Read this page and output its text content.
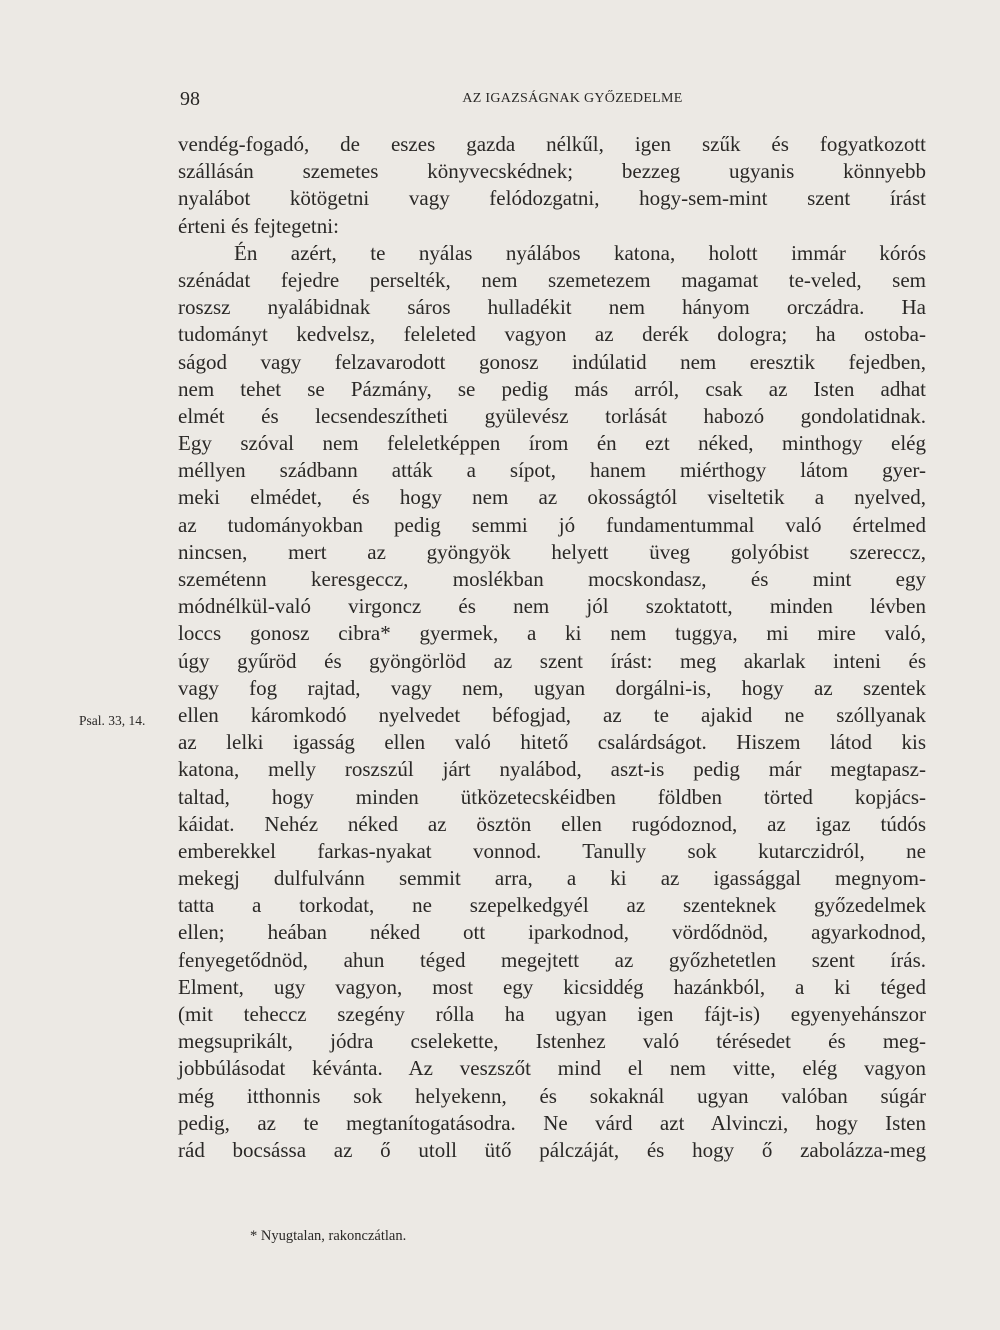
98	AZ IGAZSÁGNAK GYŐZEDELME
Psal. 33, 14.
vendég-fogadó, de eszes gazda nélkűl, igen szűk és fogyatkozott
szállásán szemetes könyvecskédnek; bezzeg ugyanis könnyebb
nyalábot kötögetni vagy felódozgatni, hogy-sem-mint szent írást
érteni és fejtegetni:
Én azért, te nyálas nyálábos katona, holott immár kórós
szénádat fejedre perselték, nem szemetezem magamat te-veled, sem
roszsz nyalábidnak sáros hulladékit nem hányom orczádra. Ha
tudományt kedvelsz, feleleted vagyon az derék dologra; ha ostoba-
ságod vagy felzavarodott gonosz indúlatid nem eresztik fejedben,
nem tehet se Pázmány, se pedig más arról, csak az Isten adhat
elmét és lecsendeszítheti gyülevész torlását habozó gondolatidnak.
Egy szóval nem feleletképpen írom én ezt néked, minthogy elég
méllyen szádbann atták a sípot, hanem miérthogy látom gyer-
meki elmédet, és hogy nem az okosságtól viseltetik a nyelved,
az tudományokban pedig semmi jó fundamentummal való értelmed
nincsen, mert az gyöngyök helyett üveg golyóbist szereccz,
szemétenn keresgeccz, moslékban mocskondasz, és mint egy
módnélkül-való virgoncz és nem jól szoktatott, minden lévben
loccs gonosz cibra* gyermek, a ki nem tuggya, mi mire való,
úgy gyűröd és gyöngörlöd az szent írást: meg akarlak inteni és
vagy fog rajtad, vagy nem, ugyan dorgálni-is, hogy az szentek
ellen káromkodó nyelvedet béfogjad, az te ajakid ne szóllyanak
az lelki igasság ellen való hitető csalárdságot. Hiszem látod kis
katona, melly roszszúl járt nyalábod, aszt-is pedig már megtapasz-
taltad, hogy minden ütközetecskéidben földben törted kopjács-
káidat. Nehéz néked az ösztön ellen rugódoznod, az igaz túdós
emberekkel farkas-nyakat vonnod. Tanully sok kutarczidról, ne
mekegj dulfulvánn semmit arra, a ki az igassággal megnyom-
tatta a torkodat, ne szepelkedgyél az szenteknek győzedelmek
ellen; heában néked ott iparkodnod, vördődnöd, agyarkodnod,
fenyegetődnöd, ahun téged megejtett az győzhetetlen szent írás.
Elment, ugy vagyon, most egy kicsiddég hazánkból, a ki téged
(mit teheccz szegény rólla ha ugyan igen fájt-is) egyenyehánszor
megsuprikált, jódra cselekette, Istenhez való térésedet és meg-
jobbúlásodat kévánta. Az veszszőt mind el nem vitte, elég vagyon
még itthonnis sok helyekenn, és sokaknál ugyan valóban súgár
pedig, az te megtanítogatásodra. Ne várd azt Alvinczi, hogy Isten
rád bocsássa az ő utoll ütő pálczáját, és hogy ő zabolázza-meg
* Nyugtalan, rakonczátlan.
